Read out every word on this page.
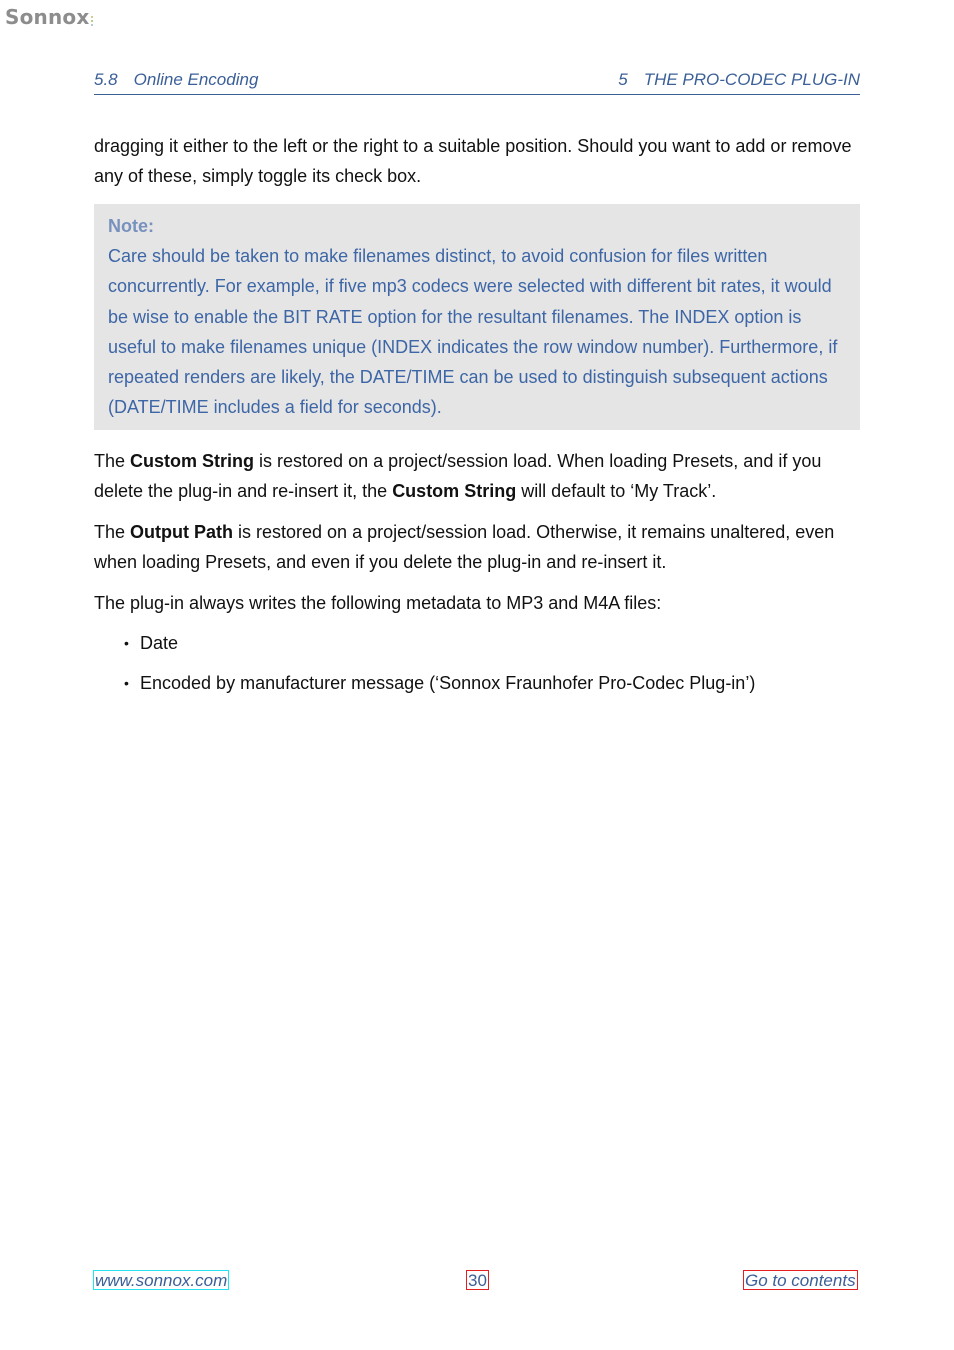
Sonnox
5.8 Online Encoding	5 THE PRO-CODEC PLUG-IN

dragging it either to the left or the right to a suitable position. Should you want to add or remove any of these, simply toggle its check box.

Note:
Care should be taken to make filenames distinct, to avoid confusion for files written concurrently. For example, if five mp3 codecs were selected with different bit rates, it would be wise to enable the BIT RATE option for the resultant filenames. The INDEX option is useful to make filenames unique (INDEX indicates the row window number). Furthermore, if repeated renders are likely, the DATE/TIME can be used to distinguish subsequent actions (DATE/TIME includes a field for seconds).

The Custom String is restored on a project/session load. When loading Presets, and if you delete the plug-in and re-insert it, the Custom String will default to ‘My Track’.

The Output Path is restored on a project/session load. Otherwise, it remains unaltered, even when loading Presets, and even if you delete the plug-in and re-insert it.

The plug-in always writes the following metadata to MP3 and M4A files:

• Date
• Encoded by manufacturer message (‘Sonnox Fraunhofer Pro-Codec Plug-in’)
www.sonnox.com	30	Go to contents
